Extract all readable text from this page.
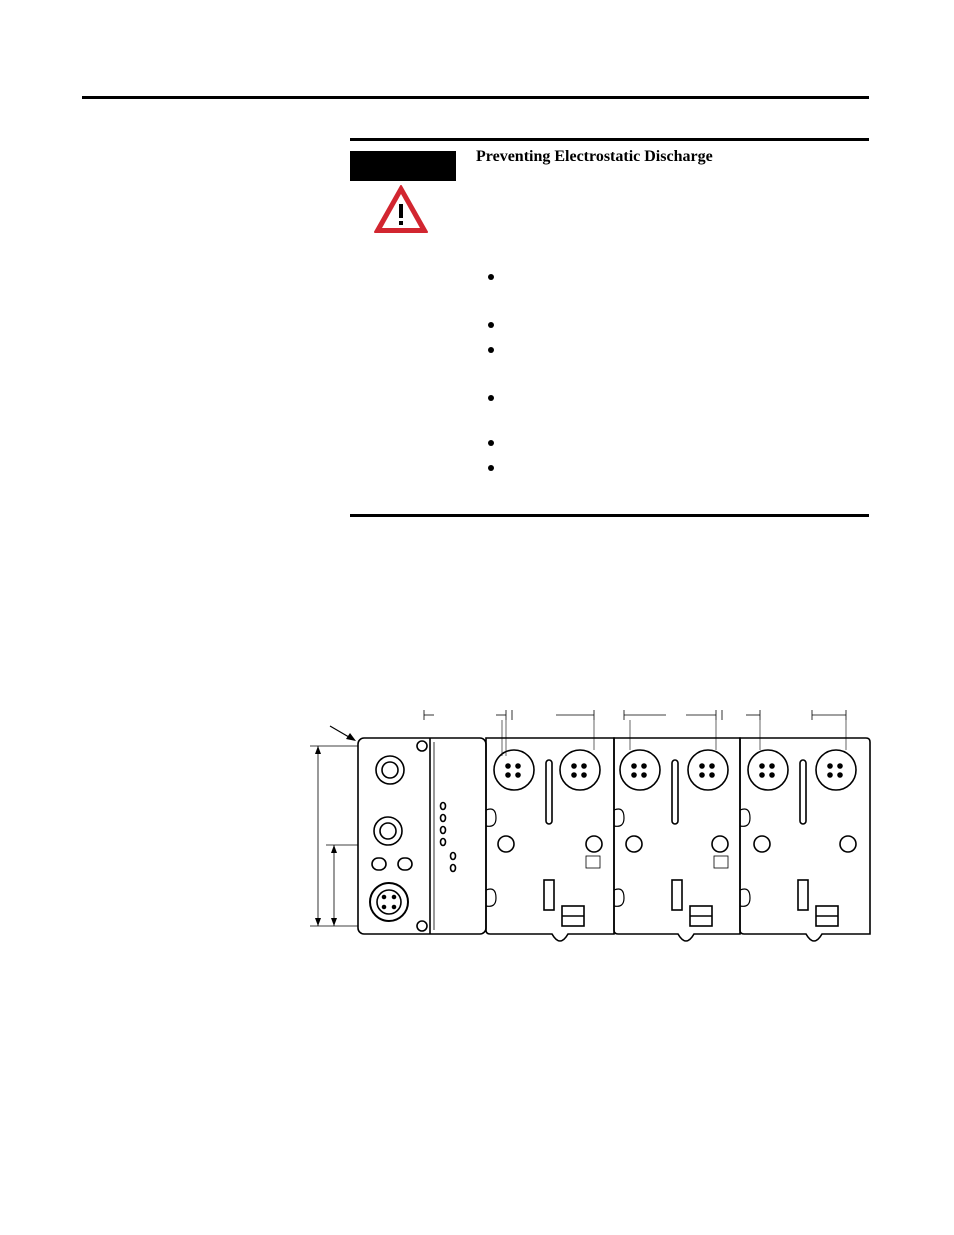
Preventing Electrostatic Discharge
